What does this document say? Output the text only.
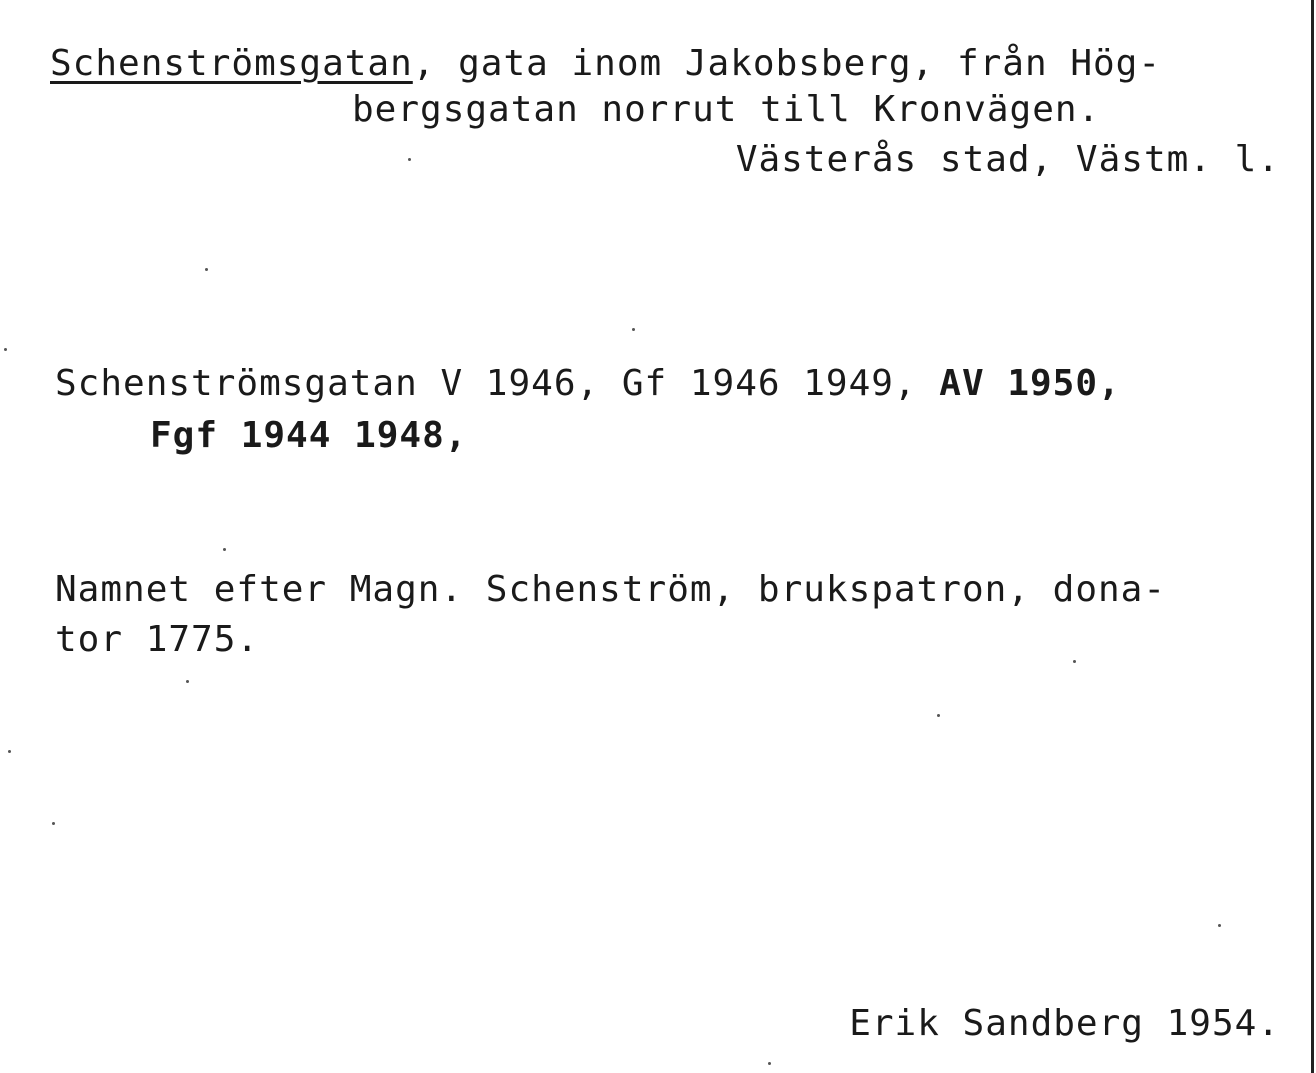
Schenströmsgatan, gata inom Jakobsberg, från Hög-
bergsgatan norrut till Kronvägen.
Västerås stad, Västm. l.
Schenströmsgatan V 1946, Gf 1946 1949, AV 1950,
Fgf 1944 1948,
Namnet efter Magn. Schenström, brukspatron, dona-
tor 1775.
Erik Sandberg 1954.
